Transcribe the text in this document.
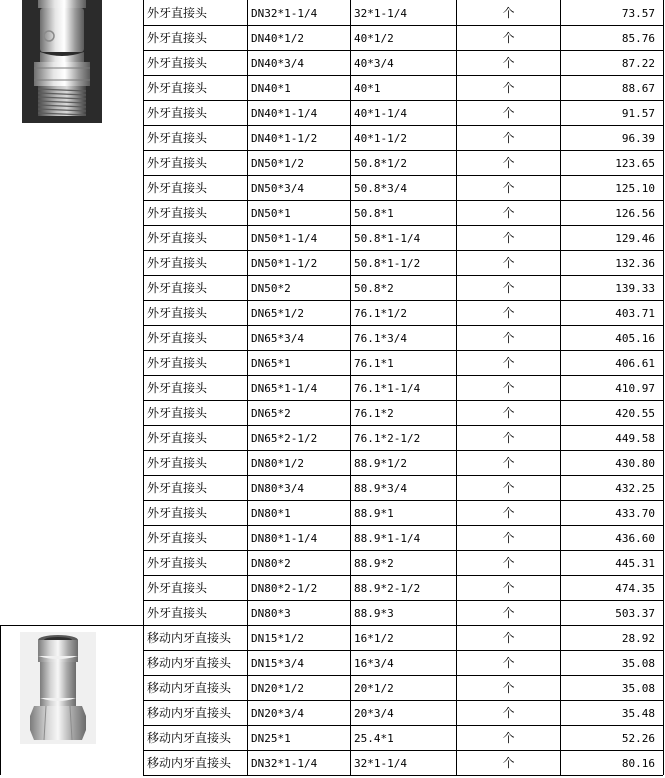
外牙直接头	DN32*1-1/4	32*1-1/4	个	73.57
外牙直接头	DN40*1/2	40*1/2	个	85.76
外牙直接头	DN40*3/4	40*3/4	个	87.22
外牙直接头	DN40*1	40*1	个	88.67
外牙直接头	DN40*1-1/4	40*1-1/4	个	91.57
外牙直接头	DN40*1-1/2	40*1-1/2	个	96.39
外牙直接头	DN50*1/2	50.8*1/2	个	123.65
外牙直接头	DN50*3/4	50.8*3/4	个	125.10
外牙直接头	DN50*1	50.8*1	个	126.56
外牙直接头	DN50*1-1/4	50.8*1-1/4	个	129.46
外牙直接头	DN50*1-1/2	50.8*1-1/2	个	132.36
外牙直接头	DN50*2	50.8*2	个	139.33
外牙直接头	DN65*1/2	76.1*1/2	个	403.71
外牙直接头	DN65*3/4	76.1*3/4	个	405.16
外牙直接头	DN65*1	76.1*1	个	406.61
外牙直接头	DN65*1-1/4	76.1*1-1/4	个	410.97
外牙直接头	DN65*2	76.1*2	个	420.55
外牙直接头	DN65*2-1/2	76.1*2-1/2	个	449.58
外牙直接头	DN80*1/2	88.9*1/2	个	430.80
外牙直接头	DN80*3/4	88.9*3/4	个	432.25
外牙直接头	DN80*1	88.9*1	个	433.70
外牙直接头	DN80*1-1/4	88.9*1-1/4	个	436.60
外牙直接头	DN80*2	88.9*2	个	445.31
外牙直接头	DN80*2-1/2	88.9*2-1/2	个	474.35
外牙直接头	DN80*3	88.9*3	个	503.37
移动内牙直接头	DN15*1/2	16*1/2	个	28.92
移动内牙直接头	DN15*3/4	16*3/4	个	35.08
移动内牙直接头	DN20*1/2	20*1/2	个	35.08
移动内牙直接头	DN20*3/4	20*3/4	个	35.48
移动内牙直接头	DN25*1	25.4*1	个	52.26
移动内牙直接头	DN32*1-1/4	32*1-1/4	个	80.16
